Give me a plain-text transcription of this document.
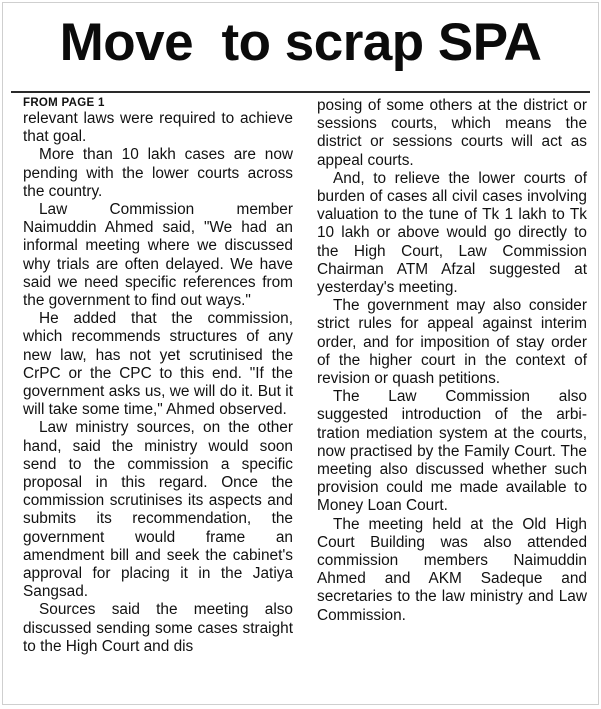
Move  to scrap SPA
FROM PAGE 1

relevant laws were required to achieve that goal.

More than 10 lakh cases are now pending with the lower courts across the country.

Law Commission member Naimuddin Ahmed said, "We had an informal meeting where we discussed why trials are often delayed. We have said we need specific references from the government to find out ways."

He added that the commission, which recommends structures of any new law, has not yet scrutinised the CrPC or the CPC to this end. "If the government asks us, we will do it. But it will take some time," Ahmed observed.

Law ministry sources, on the other hand, said the ministry would soon send to the commission a specific proposal in this regard. Once the commission scrutinises its aspects and submits its recommendation, the government would frame an amendment bill and seek the cabinet's approval for placing it in the Jatiya Sangsad.

Sources said the meeting also discussed sending some cases straight to the High Court and dis

posing of some others at the district or sessions courts, which means the district or sessions courts will act as appeal courts.

And, to relieve the lower courts of burden of cases all civil cases involving valuation to the tune of Tk 1 lakh to Tk 10 lakh or above would go directly to the High Court, Law Commission Chairman ATM Afzal suggested at yesterday's meeting.

The government may also consider strict rules for appeal against interim order, and for imposition of stay order of the higher court in the context of revision or quash petitions.

The Law Commission also suggested introduction of the arbitration mediation system at the courts, now practised by the Family Court. The meeting also discussed whether such provision could me made available to Money Loan Court.

The meeting held at the Old High Court Building was also attended commission members Naimuddin Ahmed and AKM Sadeque and secretaries to the law ministry and Law Commission.
